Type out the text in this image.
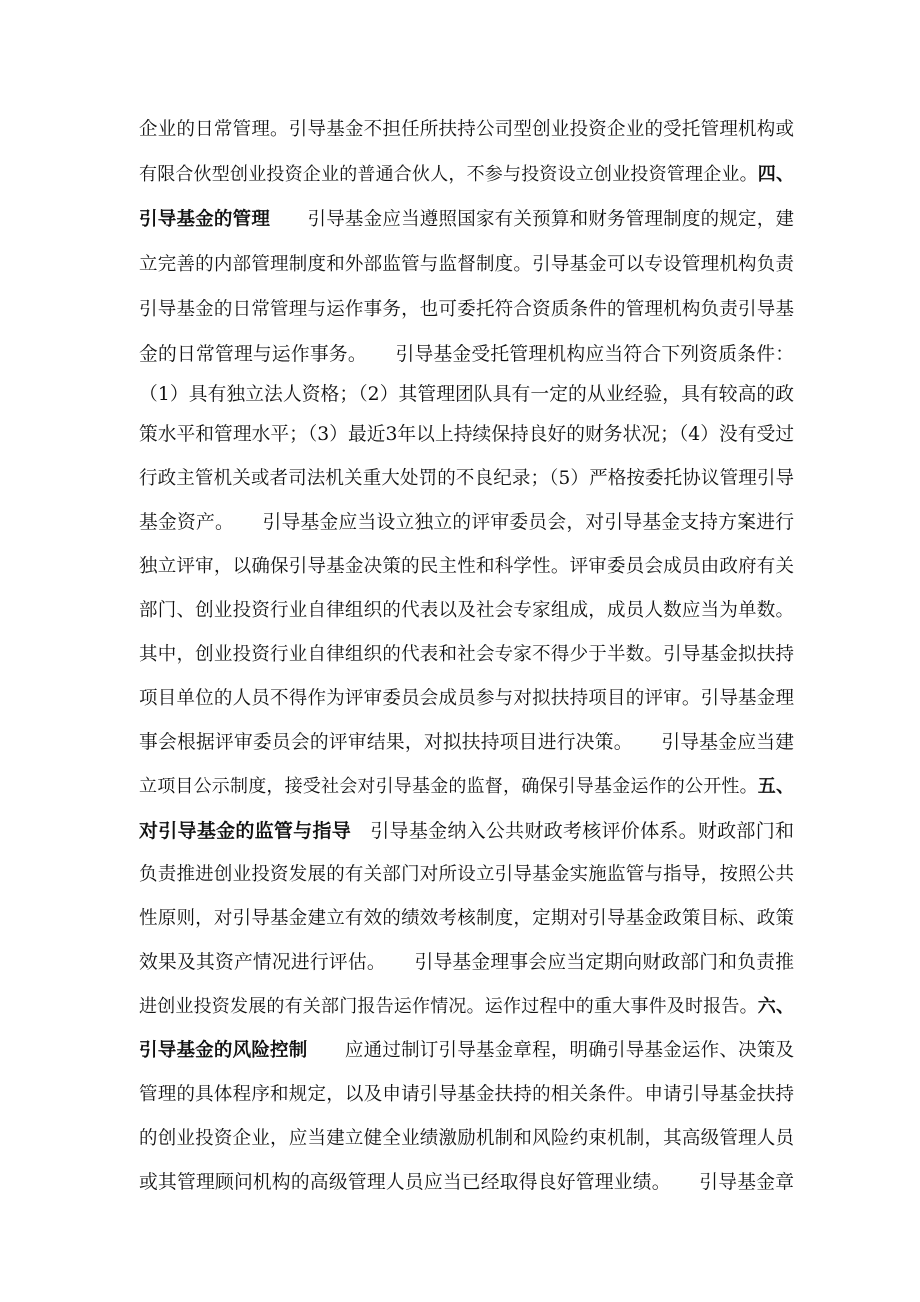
企业的日常管理。引导基金不担任所扶持公司型创业投资企业的受托管理机构或
有限合伙型创业投资企业的普通合伙人，不参与投资设立创业投资管理企业。四、
引导基金的管理　　引导基金应当遵照国家有关预算和财务管理制度的规定，建
立完善的内部管理制度和外部监管与监督制度。引导基金可以专设管理机构负责
引导基金的日常管理与运作事务，也可委托符合资质条件的管理机构负责引导基
金的日常管理与运作事务。　　引导基金受托管理机构应当符合下列资质条件：
（1）具有独立法人资格；（2）其管理团队具有一定的从业经验，具有较高的政
策水平和管理水平；（3）最近3年以上持续保持良好的财务状况；（4）没有受过
行政主管机关或者司法机关重大处罚的不良纪录；（5）严格按委托协议管理引导
基金资产。　　引导基金应当设立独立的评审委员会，对引导基金支持方案进行
独立评审，以确保引导基金决策的民主性和科学性。评审委员会成员由政府有关
部门、创业投资行业自律组织的代表以及社会专家组成，成员人数应当为单数。
其中，创业投资行业自律组织的代表和社会专家不得少于半数。引导基金拟扶持
项目单位的人员不得作为评审委员会成员参与对拟扶持项目的评审。引导基金理
事会根据评审委员会的评审结果，对拟扶持项目进行决策。　　引导基金应当建
立项目公示制度，接受社会对引导基金的监督，确保引导基金运作的公开性。五、
对引导基金的监管与指导　引导基金纳入公共财政考核评价体系。财政部门和
负责推进创业投资发展的有关部门对所设立引导基金实施监管与指导，按照公共
性原则，对引导基金建立有效的绩效考核制度，定期对引导基金政策目标、政策
效果及其资产情况进行评估。　　引导基金理事会应当定期向财政部门和负责推
进创业投资发展的有关部门报告运作情况。运作过程中的重大事件及时报告。六、
引导基金的风险控制　　应通过制订引导基金章程，明确引导基金运作、决策及
管理的具体程序和规定，以及申请引导基金扶持的相关条件。申请引导基金扶持
的创业投资企业，应当建立健全业绩激励机制和风险约束机制，其高级管理人员
或其管理顾问机构的高级管理人员应当已经取得良好管理业绩。　　引导基金章
